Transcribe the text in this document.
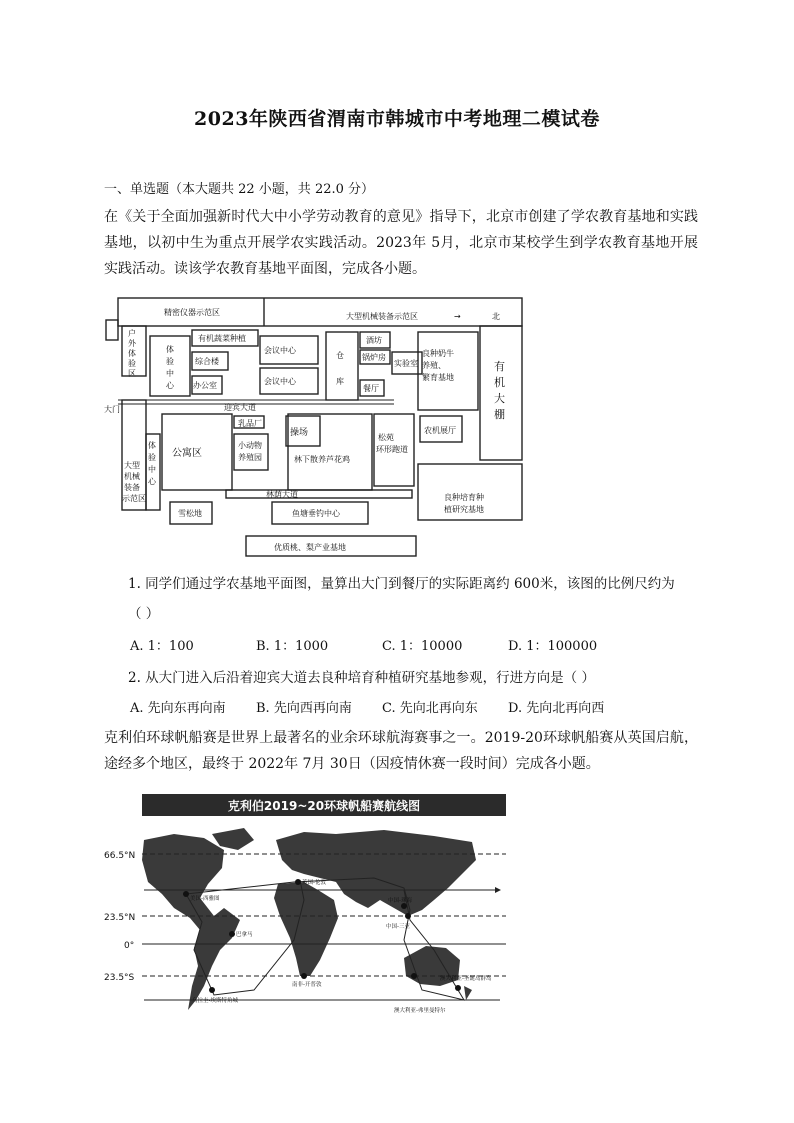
2023年陕西省渭南市韩城市中考地理二模试卷
一、单选题（本大题共 22 小题，共 22.0 分）
在《关于全面加强新时代大中小学劳动教育的意见》指导下，北京市创建了学农教育基地和实践基地，以初中生为重点开展学农实践活动。2023年 5月，北京市某校学生到学农教育基地开展实践活动。读该学农教育基地平面图，完成各小题。
精密仪器示范区	大型机械装备示范区	→	北
户
外
体
验
区
体
验
中
心
有机蔬菜种植
综合楼
办公室
会议中心
会议中心
仓
库
酒坊
锅炉房
实验室
餐厅
良种奶牛
养殖、
繁育基地
有
机
大
棚
大门	迎宾大道
乳品厂
小动物
养殖园
操场
林下散养芦花鸡
松苑
环形跑道
农机展厅
体
验
中
心
公寓区
大型
机械
装备
示范区	林荫大道
雪松地	鱼塘垂钓中心
良种培育种
植研究基地
优质桃、梨产业基地
1. 同学们通过学农基地平面图，量算出大门到餐厅的实际距离约 600米，该图的比例尺约为
（ ）
A. 1：100	B. 1：1000	C. 1：10000	D. 1：100000
2. 从大门进入后沿着迎宾大道去良种培育种植研究基地参观，行进方向是（ ）
A. 先向东再向南 B. 先向西再向南 C. 先向北再向东 D. 先向北再向西
克利伯环球帆船赛是世界上最著名的业余环球航海赛事之一。2019-20环球帆船赛从英国启航，途经多个地区，最终于 2022年 7月 30日（因疫情休赛一段时间）完成各小题。
克利伯2019~20环球帆船赛航线图
66.5°N
23.5°N
0°
23.5°S
美国-西雅图
巴拿马
英国-伦敦
中国-珠海
中国-三亚
乌拉圭-埃斯特角城
南非-开普敦
澳大利亚-弗里曼特尔
澳大利亚-圣诞岛群岛
